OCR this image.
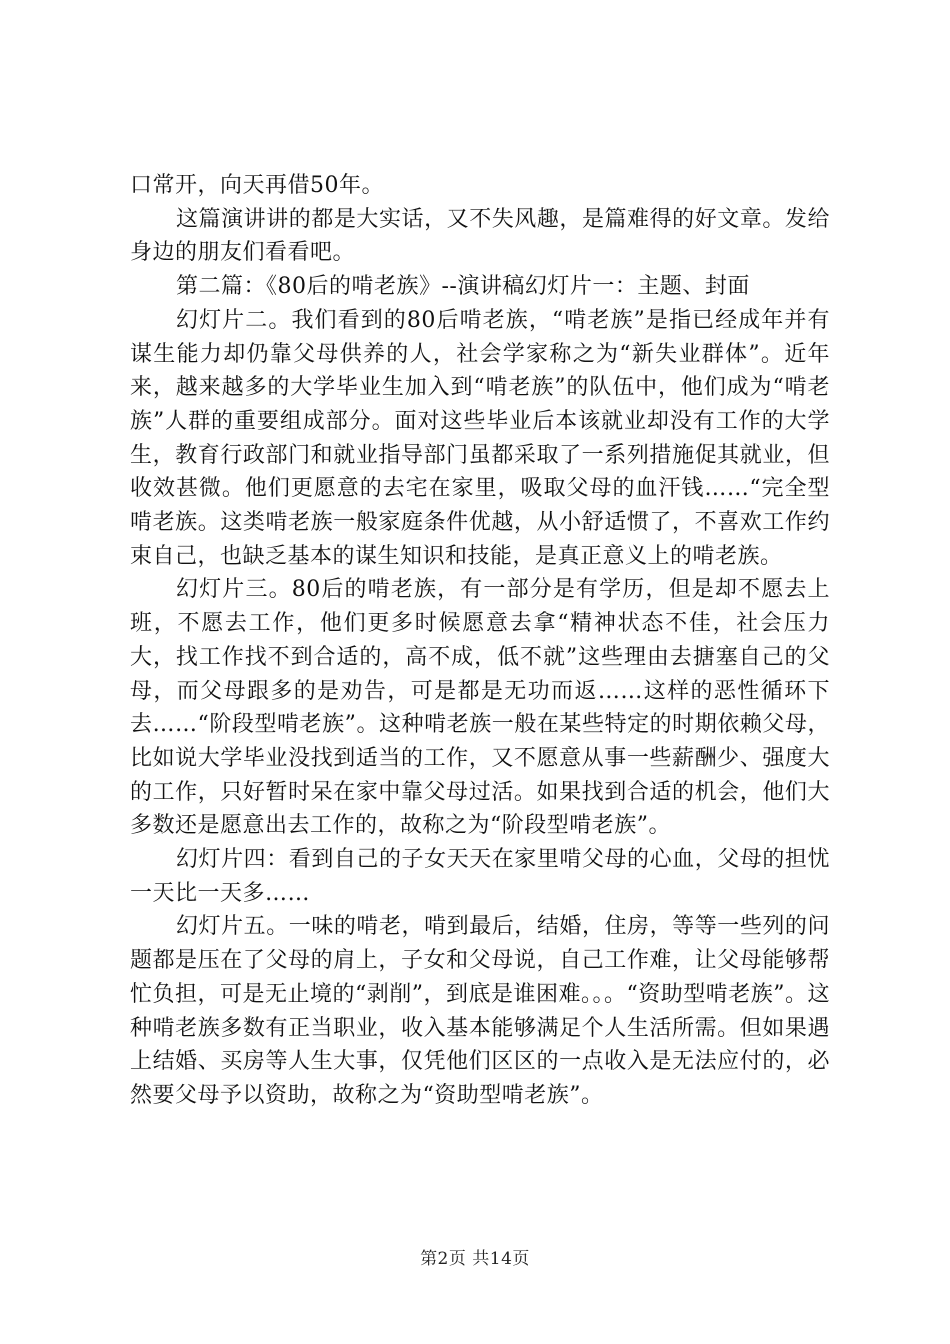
口常开，向天再借50年。

这篇演讲讲的都是大实话，又不失风趣，是篇难得的好文章。发给身边的朋友们看看吧。

第二篇：《80后的啃老族》--演讲稿幻灯片一：主题、封面

幻灯片二。我们看到的80后啃老族，“啃老族”是指已经成年并有谋生能力却仍靠父母供养的人，社会学家称之为“新失业群体”。近年来，越来越多的大学毕业生加入到“啃老族”的队伍中，他们成为“啃老族”人群的重要组成部分。面对这些毕业后本该就业却没有工作的大学生，教育行政部门和就业指导部门虽都采取了一系列措施促其就业，但收效甚微。他们更愿意的去宅在家里，吸取父母的血汗钱……“完全型啃老族。这类啃老族一般家庭条件优越，从小舒适惯了，不喜欢工作约束自己，也缺乏基本的谋生知识和技能，是真正意义上的啃老族。

幻灯片三。80后的啃老族，有一部分是有学历，但是却不愿去上班，不愿去工作，他们更多时候愿意去拿“精神状态不佳，社会压力大，找工作找不到合适的，高不成，低不就”这些理由去搪塞自己的父母，而父母跟多的是劝告，可是都是无功而返……这样的恶性循环下去……“阶段型啃老族”。这种啃老族一般在某些特定的时期依赖父母，比如说大学毕业没找到适当的工作，又不愿意从事一些薪酬少、强度大的工作，只好暂时呆在家中靠父母过活。如果找到合适的机会，他们大多数还是愿意出去工作的，故称之为“阶段型啃老族”。

幻灯片四：看到自己的子女天天在家里啃父母的心血，父母的担忧一天比一天多……

幻灯片五。一味的啃老，啃到最后，结婚，住房，等等一些列的问题都是压在了父母的肩上，子女和父母说，自己工作难，让父母能够帮忙负担，可是无止境的“剥削”，到底是谁困难。。。“资助型啃老族”。这种啃老族多数有正当职业，收入基本能够满足个人生活所需。但如果遇上结婚、买房等人生大事，仅凭他们区区的一点收入是无法应付的，必然要父母予以资助，故称之为“资助型啃老族”。

第2页 共14页
